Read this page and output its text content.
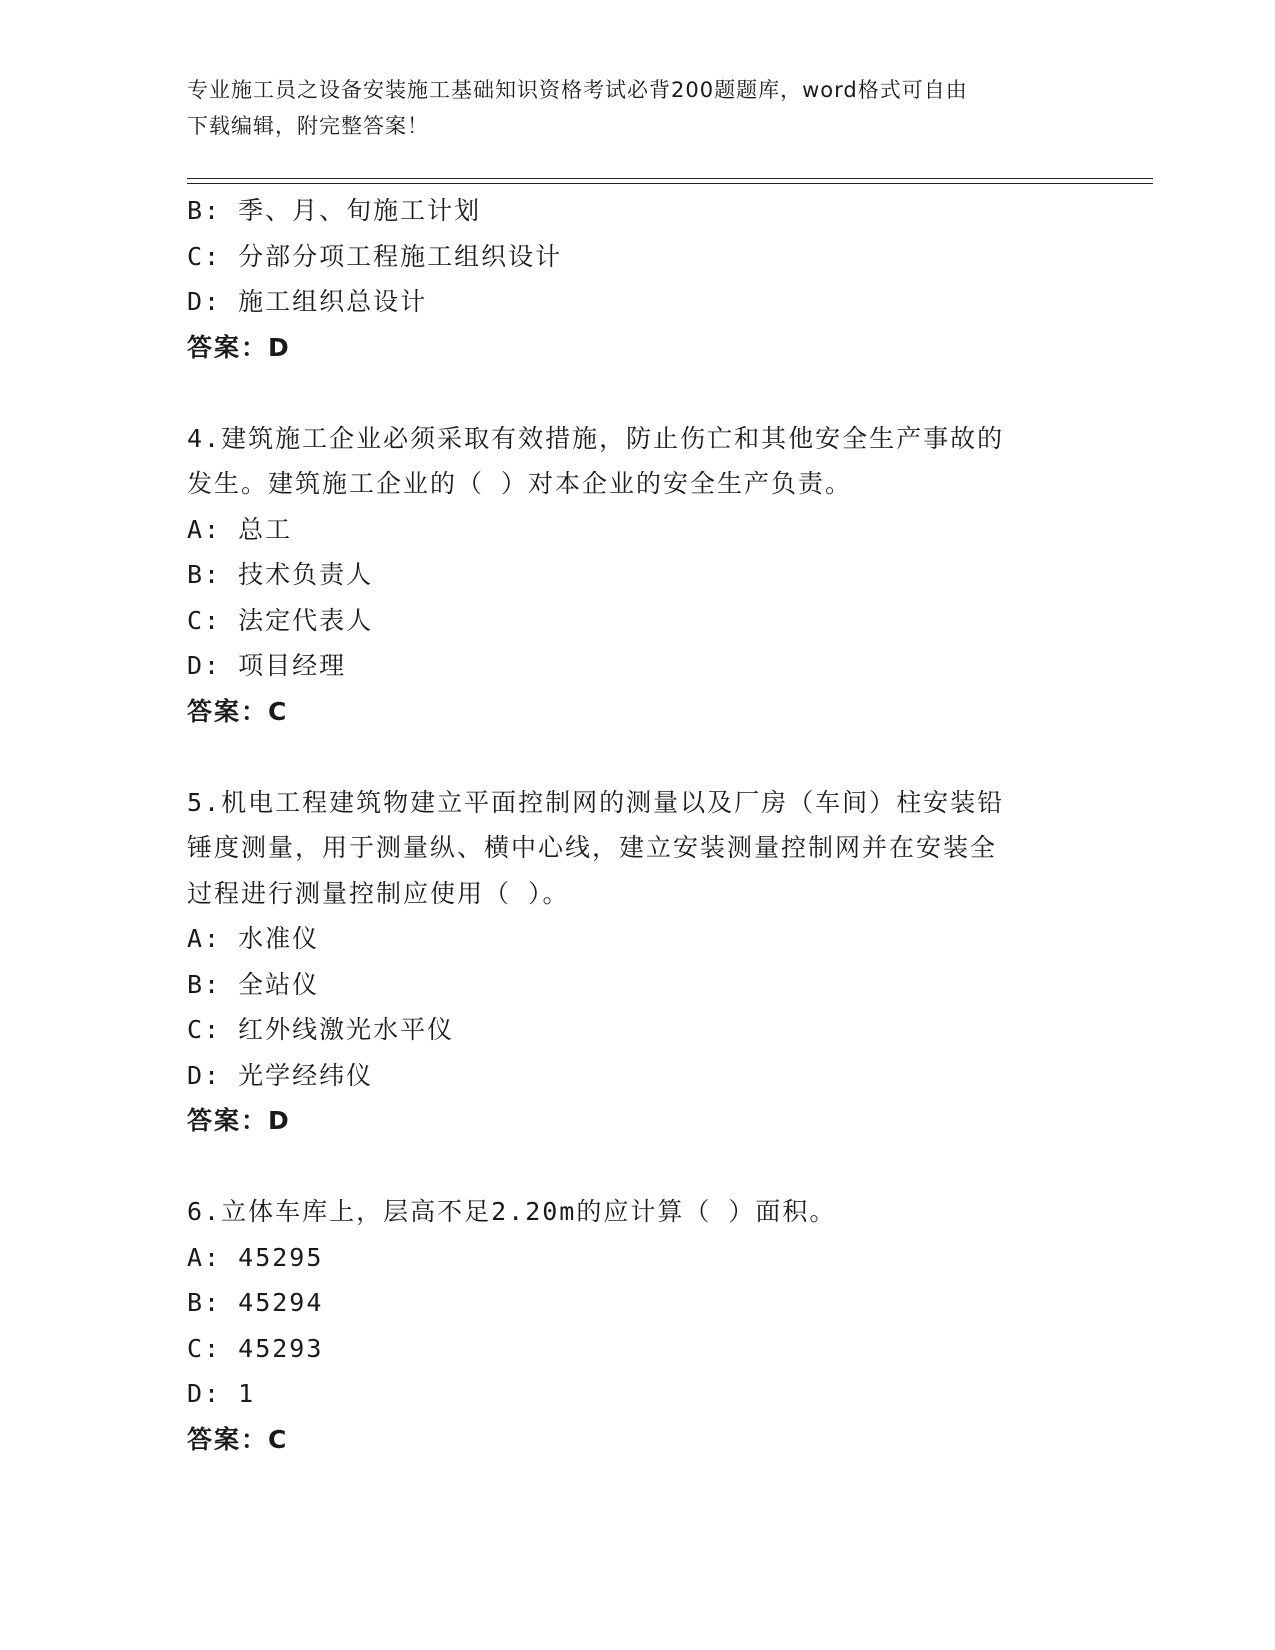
专业施工员之设备安装施工基础知识资格考试必背200题题库，word格式可自由
下载编辑，附完整答案！
B: 季、月、旬施工计划
C: 分部分项工程施工组织设计
D: 施工组织总设计
答案：D
4.建筑施工企业必须采取有效措施，防止伤亡和其他安全生产事故的
发生。建筑施工企业的（ ）对本企业的安全生产负责。
A: 总工
B: 技术负责人
C: 法定代表人
D: 项目经理
答案：C
5.机电工程建筑物建立平面控制网的测量以及厂房（车间）柱安装铅
锤度测量，用于测量纵、横中心线，建立安装测量控制网并在安装全
过程进行测量控制应使用（ ）。
A: 水准仪
B: 全站仪
C: 红外线激光水平仪
D: 光学经纬仪
答案：D
6.立体车库上，层高不足2.20m的应计算（ ）面积。
A: 45295
B: 45294
C: 45293
D: 1
答案：C
